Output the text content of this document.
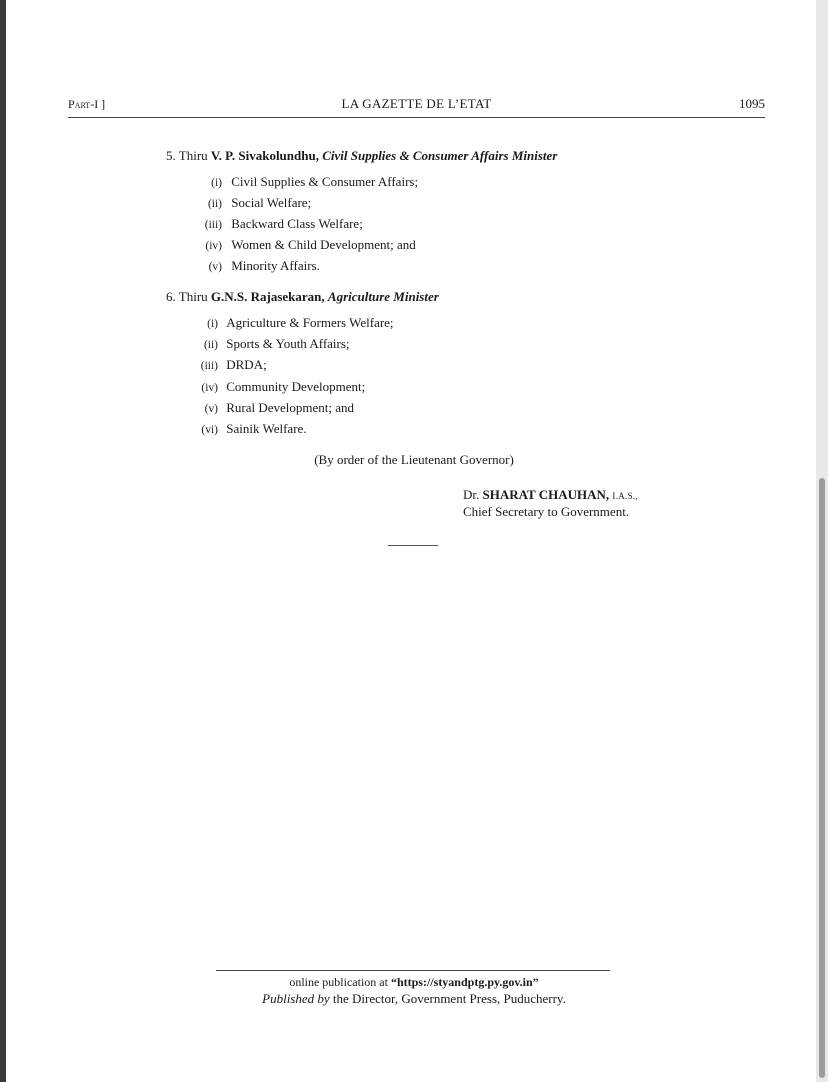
Part-I ]	LA GAZETTE DE L’ETAT	1095
5. Thiru V. P. Sivakolundhu, Civil Supplies & Consumer Affairs Minister
(i) Civil Supplies & Consumer Affairs;
(ii) Social Welfare;
(iii) Backward Class Welfare;
(iv) Women & Child Development; and
(v) Minority Affairs.
6. Thiru G.N.S. Rajasekaran, Agriculture Minister
(i) Agriculture & Formers Welfare;
(ii) Sports & Youth Affairs;
(iii) DRDA;
(iv) Community Development;
(v) Rural Development; and
(vi) Sainik Welfare.
(By order of the Lieutenant Governor)
Dr. SHARAT CHAUHAN, I.A.S.,
Chief Secretary to Government.
online publication at “https://styandptg.py.gov.in”
Published by the Director, Government Press, Puducherry.
